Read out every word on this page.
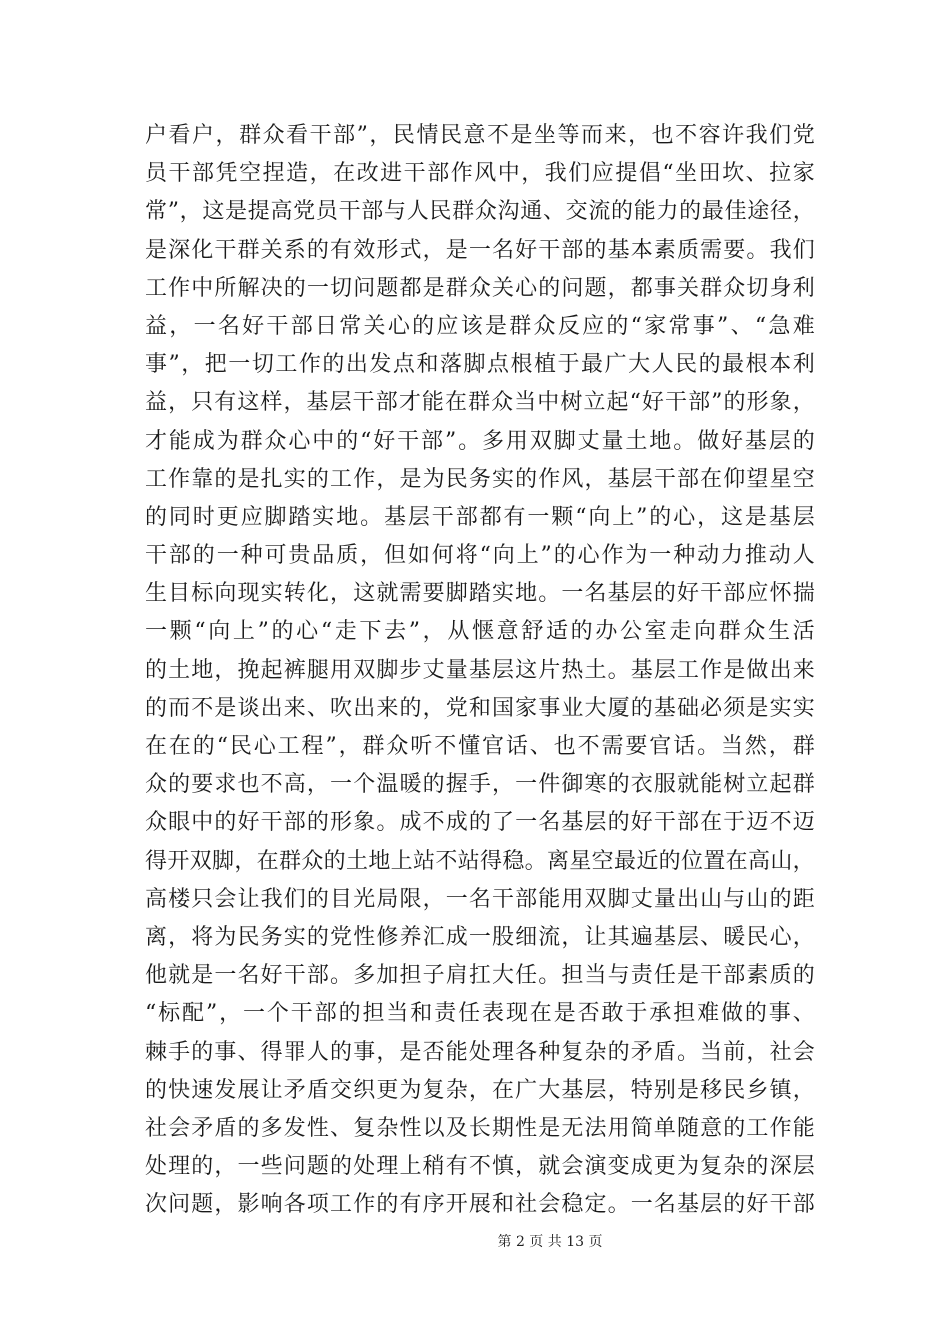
户看户，群众看干部”，民情民意不是坐等而来，也不容许我们党
员干部凭空捏造，在改进干部作风中，我们应提倡“坐田坎、拉家
常”，这是提高党员干部与人民群众沟通、交流的能力的最佳途径，
是深化干群关系的有效形式，是一名好干部的基本素质需要。我们
工作中所解决的一切问题都是群众关心的问题，都事关群众切身利
益，一名好干部日常关心的应该是群众反应的“家常事”、“急难
事”，把一切工作的出发点和落脚点根植于最广大人民的最根本利
益，只有这样，基层干部才能在群众当中树立起“好干部”的形象，
才能成为群众心中的“好干部”。多用双脚丈量土地。做好基层的
工作靠的是扎实的工作，是为民务实的作风，基层干部在仰望星空
的同时更应脚踏实地。基层干部都有一颗“向上”的心，这是基层
干部的一种可贵品质，但如何将“向上”的心作为一种动力推动人
生目标向现实转化，这就需要脚踏实地。一名基层的好干部应怀揣
一颗“向上”的心“走下去”，从惬意舒适的办公室走向群众生活
的土地，挽起裤腿用双脚步丈量基层这片热土。基层工作是做出来
的而不是谈出来、吹出来的，党和国家事业大厦的基础必须是实实
在在的“民心工程”，群众听不懂官话、也不需要官话。当然，群
众的要求也不高，一个温暖的握手，一件御寒的衣服就能树立起群
众眼中的好干部的形象。成不成的了一名基层的好干部在于迈不迈
得开双脚，在群众的土地上站不站得稳。离星空最近的位置在高山，
高楼只会让我们的目光局限，一名干部能用双脚丈量出山与山的距
离，将为民务实的党性修养汇成一股细流，让其遍基层、暖民心，
他就是一名好干部。多加担子肩扛大任。担当与责任是干部素质的
“标配”，一个干部的担当和责任表现在是否敢于承担难做的事、
棘手的事、得罪人的事，是否能处理各种复杂的矛盾。当前，社会
的快速发展让矛盾交织更为复杂，在广大基层，特别是移民乡镇，
社会矛盾的多发性、复杂性以及长期性是无法用简单随意的工作能
处理的，一些问题的处理上稍有不慎，就会演变成更为复杂的深层
次问题，影响各项工作的有序开展和社会稳定。一名基层的好干部
第 2 页 共 13 页
